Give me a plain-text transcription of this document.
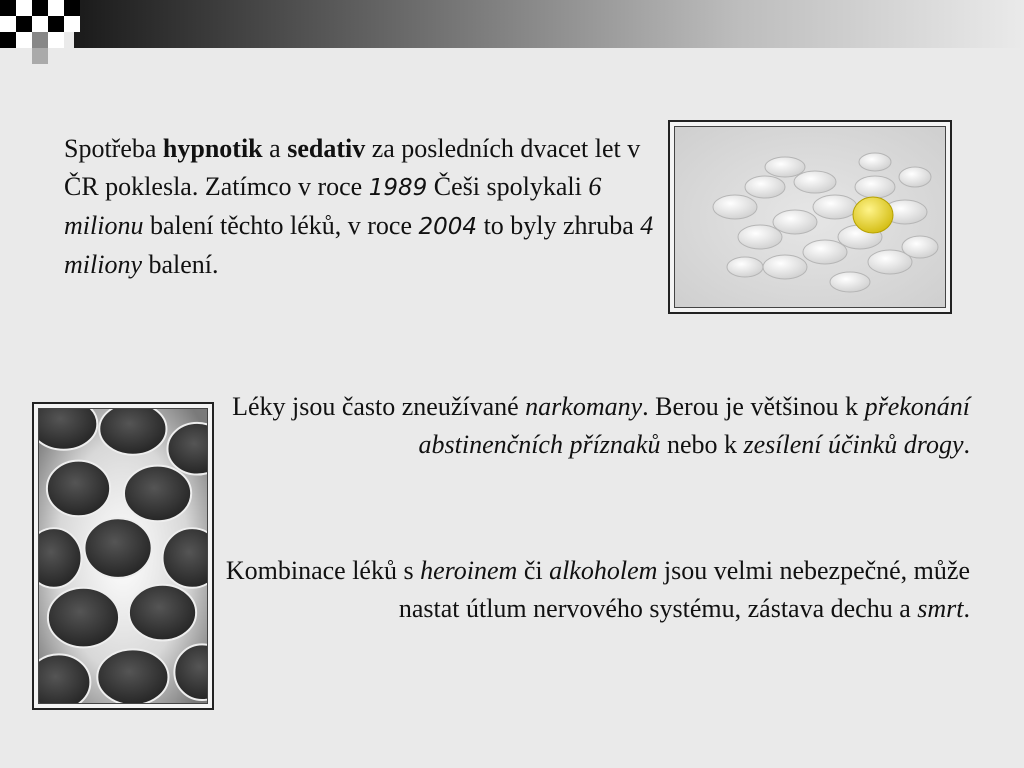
Spotřeba hypnotik a sedativ za posledních dvacet let v ČR poklesla. Zatímco v roce 1989 Češi spolykali 6 milionu balení těchto léků, v roce 2004 to byly zhruba 4 miliony balení.
Léky jsou často zneužívané narkomany. Berou je většinou k překonání abstinenčních příznaků nebo k zesílení účinků drogy.
Kombinace léků s heroinem či alkoholem jsou velmi nebezpečné, může nastat útlum nervového systému, zástava dechu a smrt.
